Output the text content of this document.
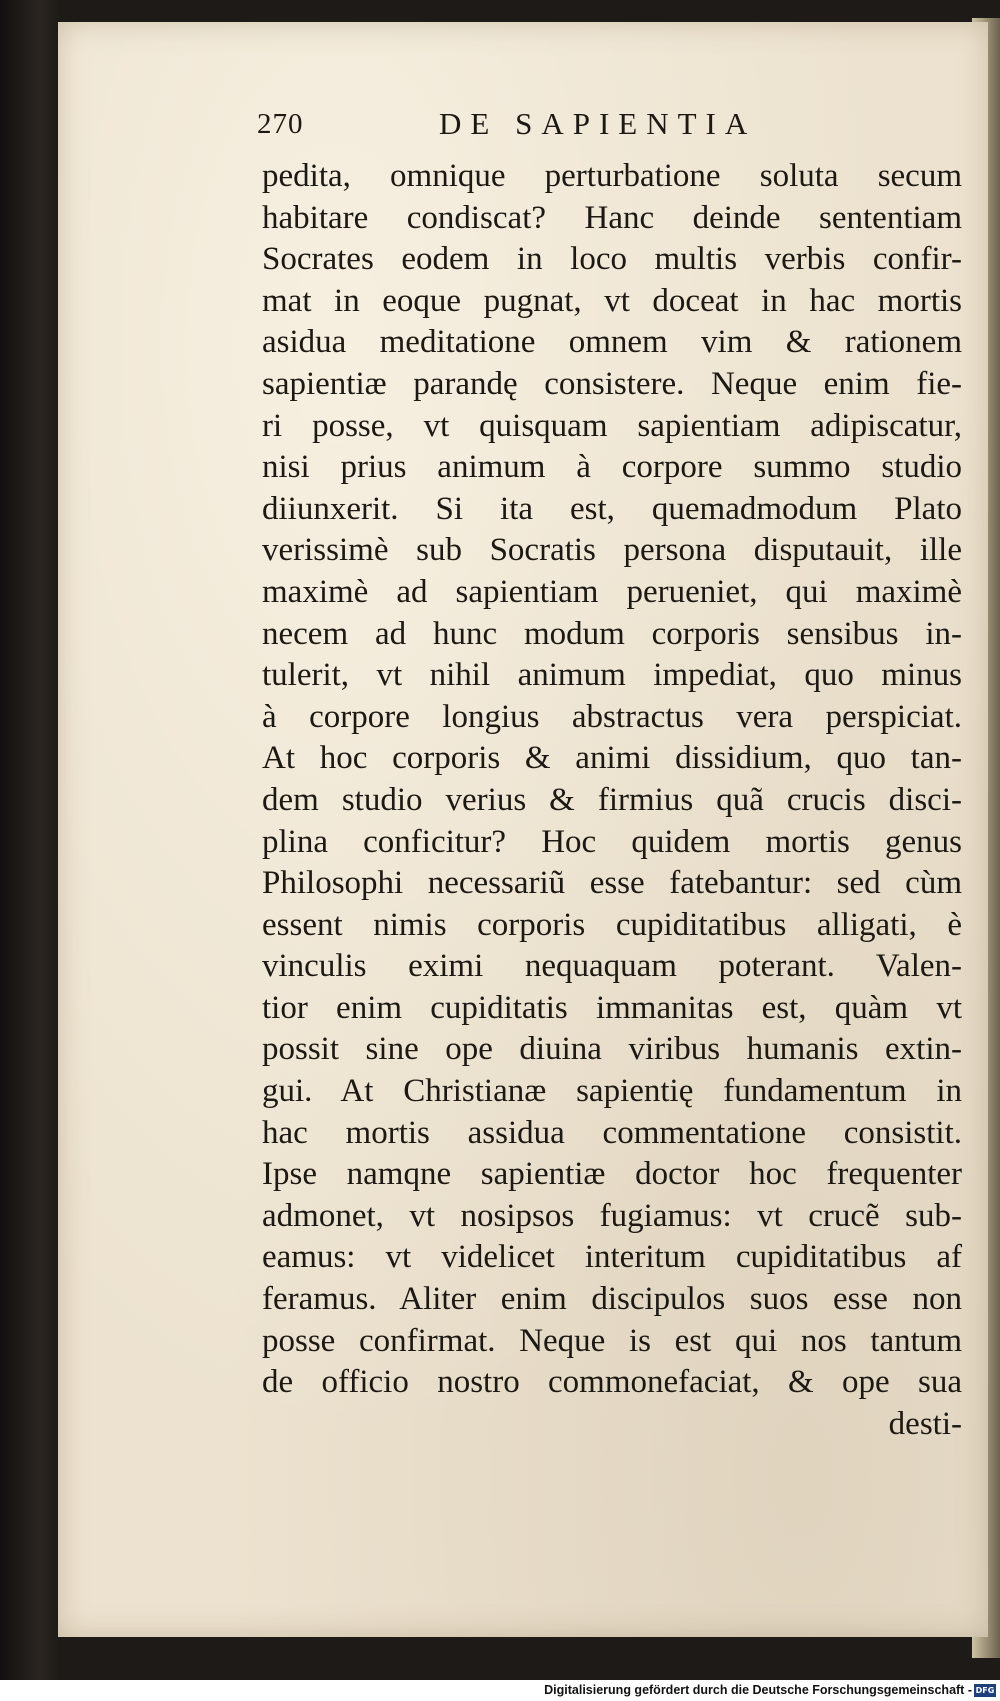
270	DE SAPIENTIA
pedita, omnique perturbatione soluta secum
habitare condiscat? Hanc deinde sententiam
Socrates eodem in loco multis verbis confir-
mat in eoque pugnat, vt doceat in hac mortis
asidua meditatione omnem vim & rationem
sapientiæ parandę consistere. Neque enim fie-
ri posse, vt quisquam sapientiam adipiscatur,
nisi prius animum à corpore summo studio
diiunxerit. Si ita est, quemadmodum Plato
verissimè sub Socratis persona disputauit, ille
maximè ad sapientiam perueniet, qui maximè
necem ad hunc modum corporis sensibus in-
tulerit, vt nihil animum impediat, quo minus
à corpore longius abstractus vera perspiciat.
At hoc corporis & animi dissidium, quo tan-
dem studio verius & firmius quã crucis disci-
plina conficitur? Hoc quidem mortis genus
Philosophi necessariũ esse fatebantur: sed cùm
essent nimis corporis cupiditatibus alligati, è
vinculis eximi nequaquam poterant. Valen-
tior enim cupiditatis immanitas est, quàm vt
possit sine ope diuina viribus humanis extin-
gui. At Christianæ sapientię fundamentum in
hac mortis assidua commentatione consistit.
Ipse namqne sapientiæ doctor hoc frequenter
admonet, vt nosipsos fugiamus: vt crucẽ sub-
eamus: vt videlicet interitum cupiditatibus af
feramus. Aliter enim discipulos suos esse non
posse confirmat. Neque is est qui nos tantum
de officio nostro commonefaciat, & ope sua
desti-
Digitalisierung gefördert durch die Deutsche Forschungsgemeinschaft - DFG
